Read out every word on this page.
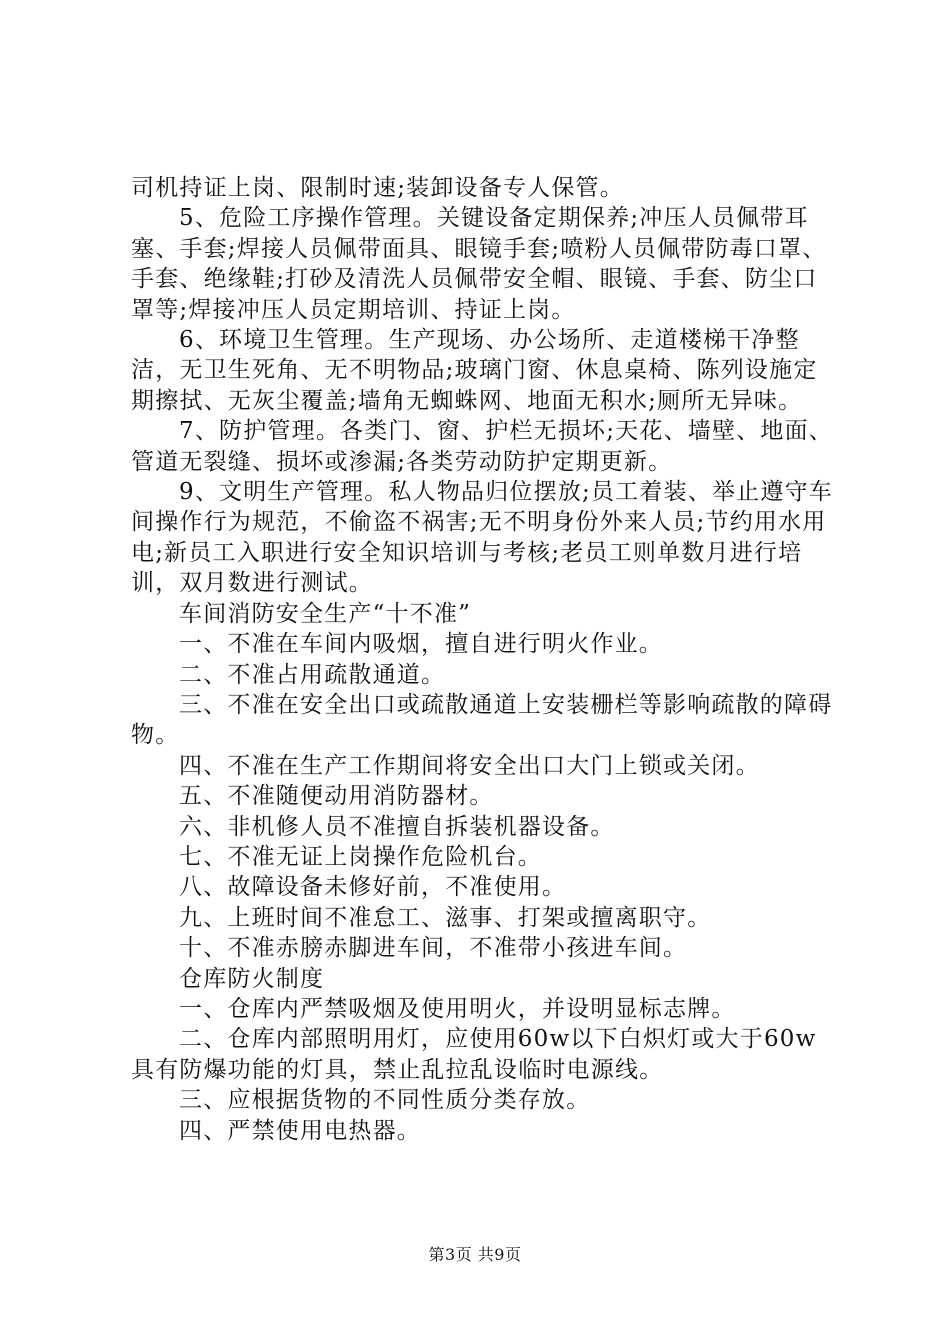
司机持证上岗、限制时速;装卸设备专人保管。

5、危险工序操作管理。关键设备定期保养;冲压人员佩带耳塞、手套;焊接人员佩带面具、眼镜手套;喷粉人员佩带防毒口罩、手套、绝缘鞋;打砂及清洗人员佩带安全帽、眼镜、手套、防尘口罩等;焊接冲压人员定期培训、持证上岗。

6、环境卫生管理。生产现场、办公场所、走道楼梯干净整洁，无卫生死角、无不明物品;玻璃门窗、休息桌椅、陈列设施定期擦拭、无灰尘覆盖;墙角无蜘蛛网、地面无积水;厕所无异味。

7、防护管理。各类门、窗、护栏无损坏;天花、墙壁、地面、管道无裂缝、损坏或渗漏;各类劳动防护定期更新。

9、文明生产管理。私人物品归位摆放;员工着装、举止遵守车间操作行为规范，不偷盗不祸害;无不明身份外来人员;节约用水用电;新员工入职进行安全知识培训与考核;老员工则单数月进行培训，双月数进行测试。

车间消防安全生产“十不准”

一、不准在车间内吸烟，擅自进行明火作业。

二、不准占用疏散通道。

三、不准在安全出口或疏散通道上安装栅栏等影响疏散的障碍物。

四、不准在生产工作期间将安全出口大门上锁或关闭。

五、不准随便动用消防器材。

六、非机修人员不准擅自拆装机器设备。

七、不准无证上岗操作危险机台。

八、故障设备未修好前，不准使用。

九、上班时间不准怠工、滋事、打架或擅离职守。

十、不准赤膀赤脚进车间，不准带小孩进车间。

仓库防火制度

一、仓库内严禁吸烟及使用明火，并设明显标志牌。

二、仓库内部照明用灯，应使用60w以下白炽灯或大于60w具有防爆功能的灯具，禁止乱拉乱设临时电源线。

三、应根据货物的不同性质分类存放。

四、严禁使用电热器。

第3页 共9页
